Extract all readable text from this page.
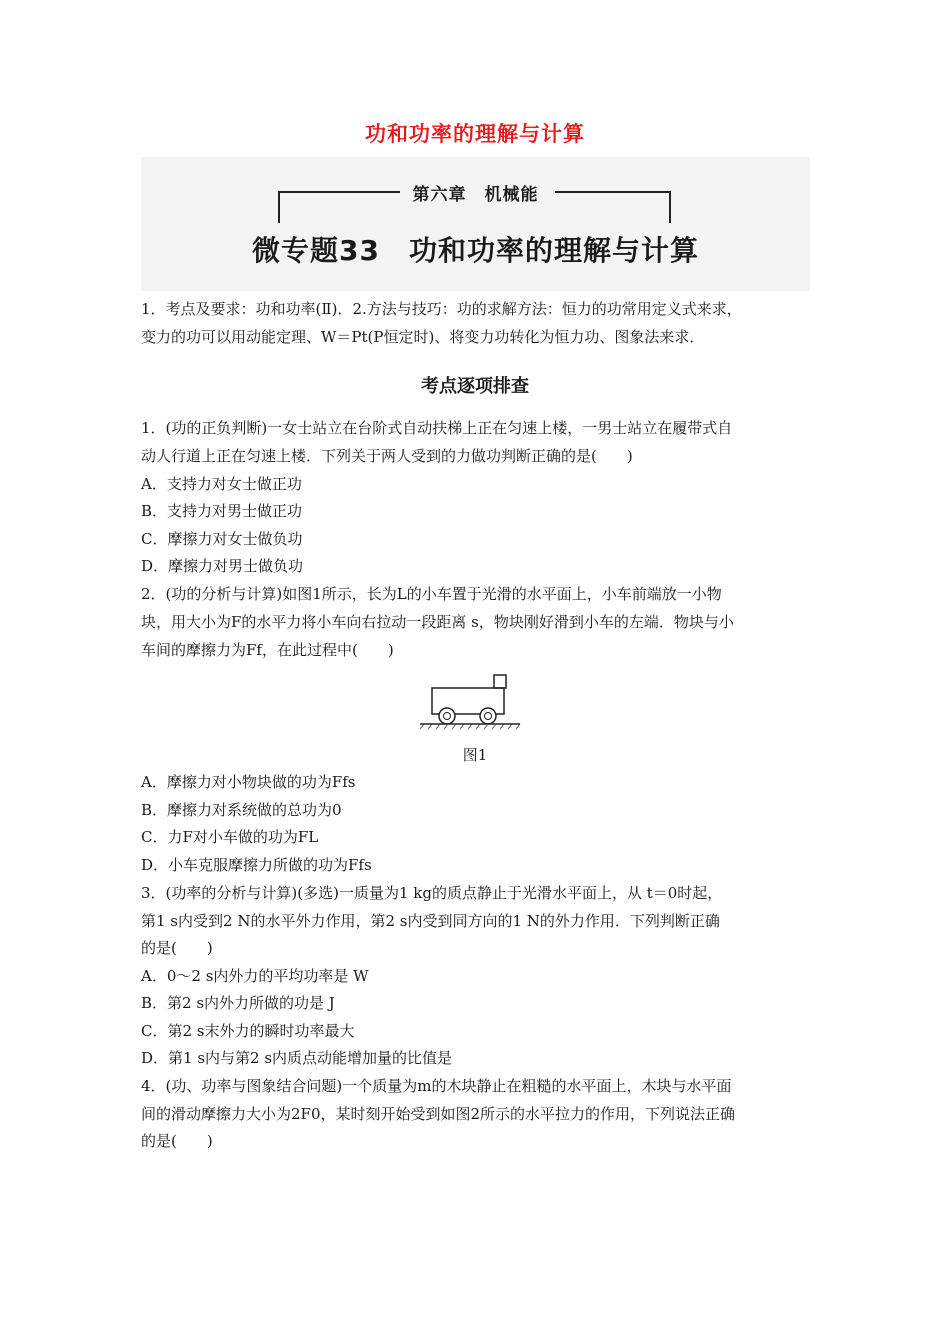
功和功率的理解与计算
第六章　机械能
微专题33　功和功率的理解与计算
1．考点及要求：功和功率(Ⅱ)．2.方法与技巧：功的求解方法：恒力的功常用定义式来求，
变力的功可以用动能定理、W＝Pt(P恒定时)、将变力功转化为恒力功、图象法来求．
考点逐项排查
1．(功的正负判断)一女士站立在台阶式自动扶梯上正在匀速上楼，一男士站立在履带式自
动人行道上正在匀速上楼．下列关于两人受到的力做功判断正确的是(　　)
A．支持力对女士做正功
B．支持力对男士做正功
C．摩擦力对女士做负功
D．摩擦力对男士做负功
2．(功的分析与计算)如图1所示，长为L的小车置于光滑的水平面上，小车前端放一小物
块，用大小为F的水平力将小车向右拉动一段距离 s，物块刚好滑到小车的左端．物块与小
车间的摩擦力为Ff，在此过程中(　　)
图1
A．摩擦力对小物块做的功为Ffs
B．摩擦力对系统做的总功为0
C．力F对小车做的功为FL
D．小车克服摩擦力所做的功为Ffs
3．(功率的分析与计算)(多选)一质量为1 kg的质点静止于光滑水平面上，从 t＝0时起，
第1 s内受到2 N的水平外力作用，第2 s内受到同方向的1 N的外力作用．下列判断正确
的是(　　)
A．0～2 s内外力的平均功率是 W
B．第2 s内外力所做的功是 J
C．第2 s末外力的瞬时功率最大
D．第1 s内与第2 s内质点动能增加量的比值是
4．(功、功率与图象结合问题)一个质量为m的木块静止在粗糙的水平面上，木块与水平面
间的滑动摩擦力大小为2F0，某时刻开始受到如图2所示的水平拉力的作用，下列说法正确
的是(　　)
